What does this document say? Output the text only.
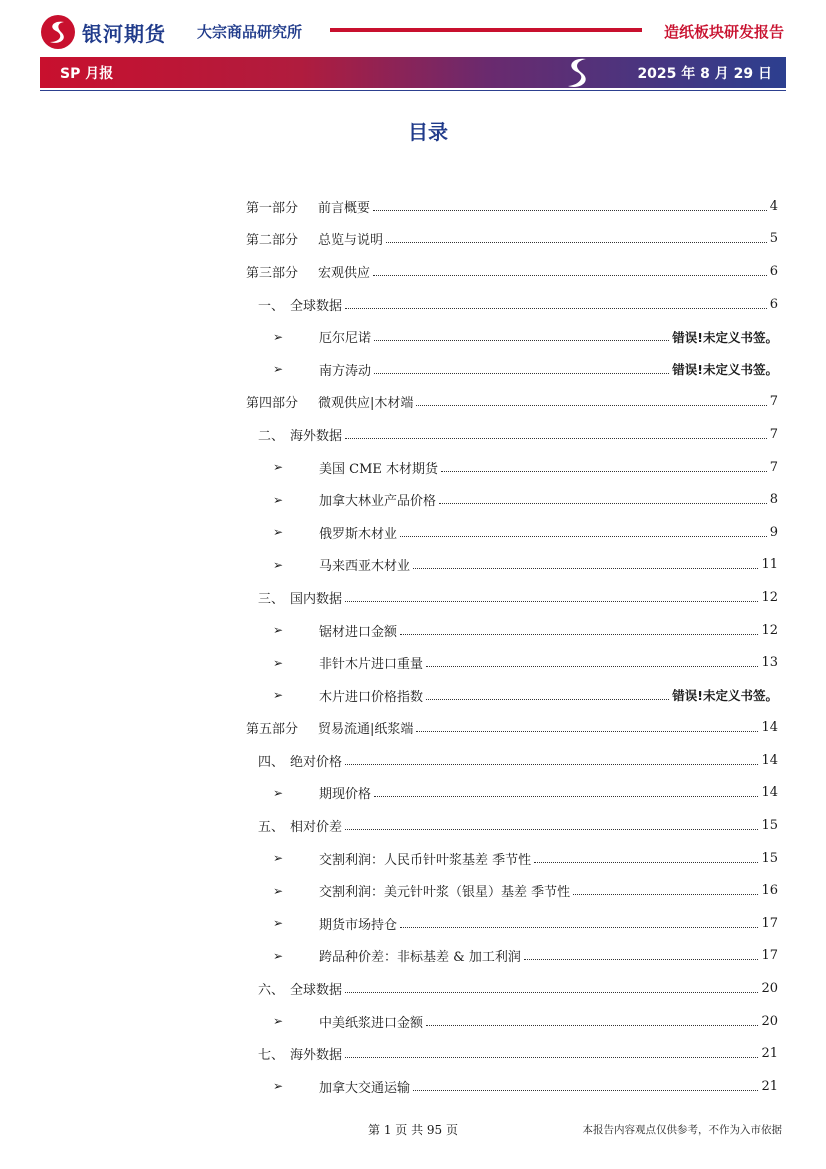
银河期货 大宗商品研究所	造纸板块研发报告
SP 月报	2025 年 8 月 29 日
目录
第一部分	前言概要	4
第二部分	总览与说明	5
第三部分	宏观供应	6
一、 全球数据	6
➢	厄尔尼诺	错误!未定义书签。
➢	南方涛动	错误!未定义书签。
第四部分	微观供应|木材端	7
二、 海外数据	7
➢	美国 CME 木材期货	7
➢	加拿大林业产品价格	8
➢	俄罗斯木材业	9
➢	马来西亚木材业	11
三、 国内数据	12
➢	锯材进口金额	12
➢	非针木片进口重量	13
➢	木片进口价格指数	错误!未定义书签。
第五部分	贸易流通|纸浆端	14
四、 绝对价格	14
➢	期现价格	14
五、 相对价差	15
➢	交割利润：人民币针叶浆基差 季节性	15
➢	交割利润：美元针叶浆（银星）基差 季节性	16
➢	期货市场持仓	17
➢	跨品种价差：非标基差 & 加工利润	17
六、 全球数据	20
➢	中美纸浆进口金额	20
七、 海外数据	21
➢	加拿大交通运输	21
第 1 页 共 95 页	本报告内容观点仅供参考，不作为入市依据
